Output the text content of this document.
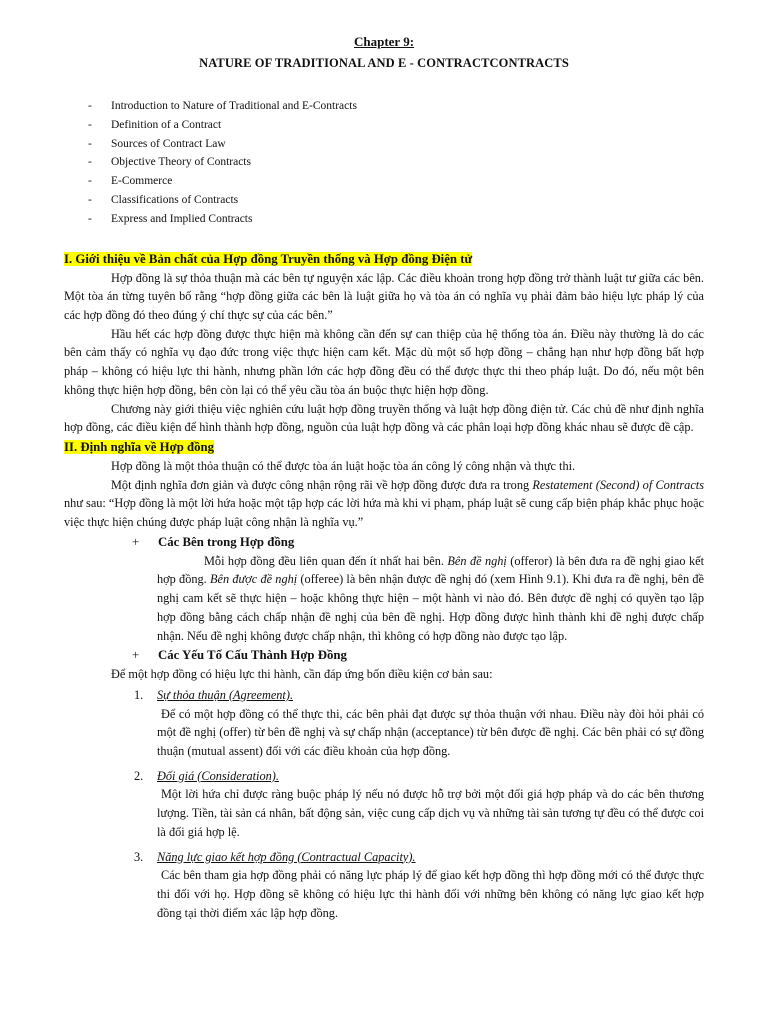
Chapter 9:
NATURE OF TRADITIONAL AND E - CONTRACTCONTRACTS
-	Introduction to Nature of Traditional and E-Contracts
-	Definition of a Contract
-	Sources of Contract Law
-	Objective Theory of Contracts
-	E-Commerce
-	Classifications of Contracts
-	Express and Implied Contracts
I. Giới thiệu về Bản chất của Hợp đồng Truyền thống và Hợp đồng Điện tử

Hợp đồng là sự thỏa thuận mà các bên tự nguyện xác lập. Các điều khoản trong hợp đồng trở thành luật tư giữa các bên. Một tòa án từng tuyên bố rằng “hợp đồng giữa các bên là luật giữa họ và tòa án có nghĩa vụ phải đảm bảo hiệu lực pháp lý của các hợp đồng đó theo đúng ý chí thực sự của các bên.”

Hầu hết các hợp đồng được thực hiện mà không cần đến sự can thiệp của hệ thống tòa án. Điều này thường là do các bên cảm thấy có nghĩa vụ đạo đức trong việc thực hiện cam kết. Mặc dù một số hợp đồng – chẳng hạn như hợp đồng bất hợp pháp – không có hiệu lực thi hành, nhưng phần lớn các hợp đồng đều có thể được thực thi theo pháp luật. Do đó, nếu một bên không thực hiện hợp đồng, bên còn lại có thể yêu cầu tòa án buộc thực hiện hợp đồng.

Chương này giới thiệu việc nghiên cứu luật hợp đồng truyền thống và luật hợp đồng điện tử. Các chủ đề như định nghĩa hợp đồng, các điều kiện để hình thành hợp đồng, nguồn của luật hợp đồng và các phân loại hợp đồng khác nhau sẽ được đề cập.

II. Định nghĩa về Hợp đồng

Hợp đồng là một thỏa thuận có thể được tòa án luật hoặc tòa án công lý công nhận và thực thi.

Một định nghĩa đơn giản và được công nhận rộng rãi về hợp đồng được đưa ra trong Restatement (Second) of Contracts như sau: “Hợp đồng là một lời hứa hoặc một tập hợp các lời hứa mà khi vi phạm, pháp luật sẽ cung cấp biện pháp khắc phục hoặc việc thực hiện chúng được pháp luật công nhận là nghĩa vụ.”

+	Các Bên trong Hợp đồng

Mỗi hợp đồng đều liên quan đến ít nhất hai bên. Bên đề nghị (offeror) là bên đưa ra đề nghị giao kết hợp đồng. Bên được đề nghị (offeree) là bên nhận được đề nghị đó (xem Hình 9.1). Khi đưa ra đề nghị, bên đề nghị cam kết sẽ thực hiện – hoặc không thực hiện – một hành vi nào đó. Bên được đề nghị có quyền tạo lập hợp đồng bằng cách chấp nhận đề nghị của bên đề nghị. Hợp đồng được hình thành khi đề nghị được chấp nhận. Nếu đề nghị không được chấp nhận, thì không có hợp đồng nào được tạo lập.

+	Các Yếu Tố Cấu Thành Hợp Đồng
Để một hợp đồng có hiệu lực thi hành, cần đáp ứng bốn điều kiện cơ bản sau:
1.	Sự thỏa thuận (Agreement).

Để có một hợp đồng có thể thực thi, các bên phải đạt được sự thỏa thuận với nhau. Điều này đòi hỏi phải có một đề nghị (offer) từ bên đề nghị và sự chấp nhận (acceptance) từ bên được đề nghị. Các bên phải có sự đồng thuận (mutual assent) đối với các điều khoản của hợp đồng.

2.	Đối giá (Consideration).

Một lời hứa chỉ được ràng buộc pháp lý nếu nó được hỗ trợ bởi một đối giá hợp pháp và do các bên thương lượng. Tiền, tài sản cá nhân, bất động sản, việc cung cấp dịch vụ và những tài sản tương tự đều có thể được coi là đối giá hợp lệ.

3.	Năng lực giao kết hợp đồng (Contractual Capacity).

Các bên tham gia hợp đồng phải có năng lực pháp lý để giao kết hợp đồng thì hợp đồng mới có thể được thực thi đối với họ. Hợp đồng sẽ không có hiệu lực thi hành đối với những bên không có năng lực giao kết hợp đồng tại thời điểm xác lập hợp đồng.
